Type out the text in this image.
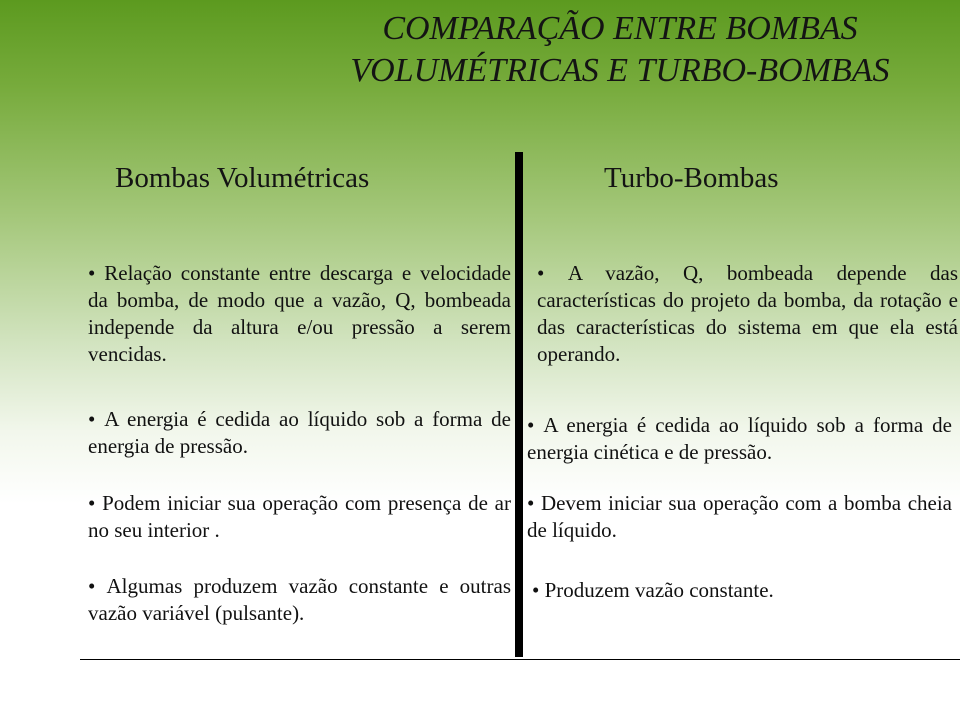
COMPARAÇÃO ENTRE BOMBAS
VOLUMÉTRICAS E TURBO-BOMBAS
Bombas Volumétricas	Turbo-Bombas

• Relação constante entre descarga e velocidade da bomba, de modo que a vazão, Q, bombeada independe da altura e/ou pressão a serem vencidas.

• A energia é cedida ao líquido sob a forma de energia de pressão.

• Podem iniciar sua operação com presença de ar no seu interior .

• Algumas produzem vazão constante e outras vazão variável (pulsante).

• A vazão, Q, bombeada depende das características do projeto da bomba, da rotação e das características do sistema em que ela está operando.

• A energia é cedida ao líquido sob a forma de energia cinética e de pressão.

• Devem iniciar sua operação com a bomba cheia de líquido.

• Produzem vazão constante.
